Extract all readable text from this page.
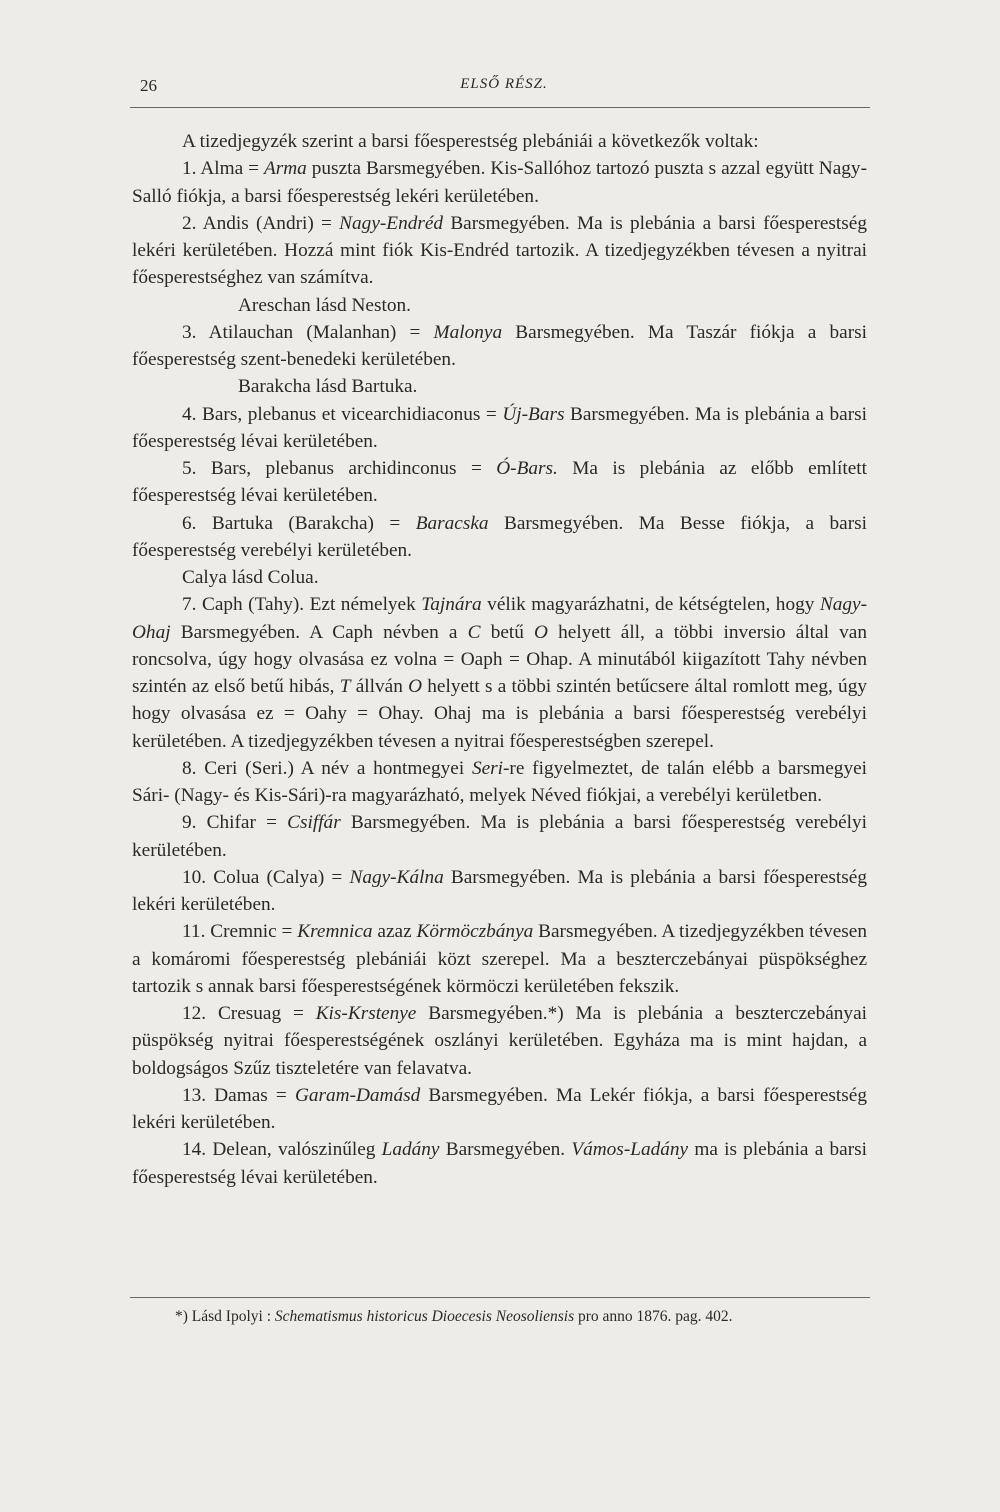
26	ELSŐ RÉSZ.

A tizedjegyzék szerint a barsi főesperestség plebániái a következők voltak:

1. Alma = Arma puszta Barsmegyében. Kis-Sallóhoz tartozó puszta s azzal együtt Nagy-Salló fiókja, a barsi főesperestség lekéri kerületében.

2. Andis (Andri) = Nagy-Endréd Barsmegyében. Ma is plebánia a barsi főesperestség lekéri kerületében. Hozzá mint fiók Kis-Endréd tartozik. A tizedjegyzékben tévesen a nyitrai főesperestséghez van számítva.

Areschan lásd Neston.

3. Atilauchan (Malanhan) = Malonya Barsmegyében. Ma Taszár fiókja a barsi főesperestség szent-benedeki kerületében.

Barakcha lásd Bartuka.

4. Bars, plebanus et vicearchidiaconus = Új-Bars Barsmegyében. Ma is plebánia a barsi főesperestség lévai kerületében.

5. Bars, plebanus archidinconus = Ó-Bars. Ma is plebánia az előbb említett főesperestség lévai kerületében.

6. Bartuka (Barakcha) = Baracska Barsmegyében. Ma Besse fiókja, a barsi főesperestség verebélyi kerületében.

Calya lásd Colua.

7. Caph (Tahy). Ezt némelyek Tajnára vélik magyarázhatni, de kétségtelen, hogy Nagy-Ohaj Barsmegyében. A Caph névben a C betű O helyett áll, a többi inversio által van roncsolva, úgy hogy olvasása ez volna = Oaph = Ohap. A minutából kiigazított Tahy névben szintén az első betű hibás, T állván O helyett s a többi szintén betűcsere által romlott meg, úgy hogy olvasása ez = Oahy = Ohay. Ohaj ma is plebánia a barsi főesperestség verebélyi kerületében. A tizedjegyzékben tévesen a nyitrai főesperestségben szerepel.

8. Ceri (Seri.) A név a hontmegyei Seri-re figyelmeztet, de talán elébb a barsmegyei Sári- (Nagy- és Kis-Sári)-ra magyarázható, melyek Néved fiókjai, a verebélyi kerületben.

9. Chifar = Csiffár Barsmegyében. Ma is plebánia a barsi főesperestség verebélyi kerületében.

10. Colua (Calya) = Nagy-Kálna Barsmegyében. Ma is plebánia a barsi főesperestség lekéri kerületében.

11. Cremnic = Kremnica azaz Körmöczbánya Barsmegyében. A tizedjegyzékben tévesen a komáromi főesperestség plebániái közt szerepel. Ma a beszterczebányai püspökséghez tartozik s annak barsi főesperestségének körmöczi kerületében fekszik.

12. Cresuag = Kis-Krstenye Barsmegyében.*) Ma is plebánia a beszterczebányai püspökség nyitrai főesperestségének oszlányi kerületében. Egyháza ma is mint hajdan, a boldogságos Szűz tiszteletére van felavatva.

13. Damas = Garam-Damásd Barsmegyében. Ma Lekér fiókja, a barsi főesperestség lekéri kerületében.

14. Delean, valószinűleg Ladány Barsmegyében. Vámos-Ladány ma is plebánia a barsi főesperestség lévai kerületében.

*) Lásd Ipolyi : Schematismus historicus Dioecesis Neosoliensis pro anno 1876. pag. 402.
